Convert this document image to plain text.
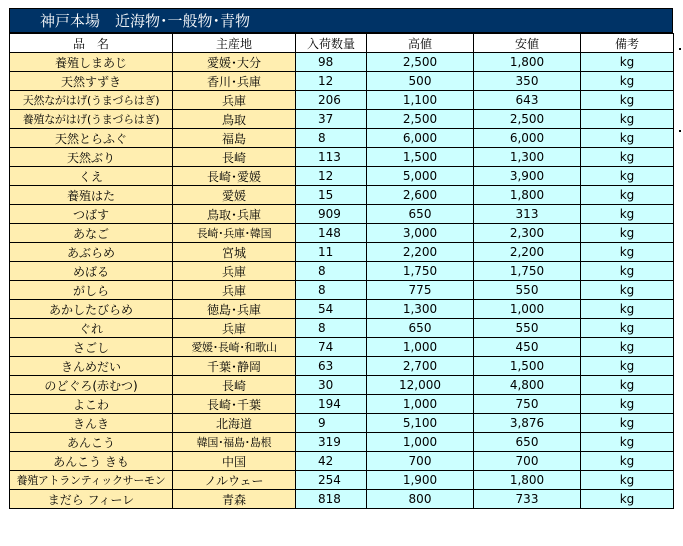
神戸本場　近海物･一般物･青物
品　名	主産地	入荷数量	高値	安値	備考
養殖しまあじ	愛媛･大分	98	2,500	1,800	kg
天然すずき	香川･兵庫	12	500	350	kg
天然ながはげ(うまづらはぎ)	兵庫	206	1,100	643	kg
養殖ながはげ(うまづらはぎ)	鳥取	37	2,500	2,500	kg
天然とらふぐ	福島	8	6,000	6,000	kg
天然ぶり	長崎	113	1,500	1,300	kg
くえ	長崎･愛媛	12	5,000	3,900	kg
養殖はた	愛媛	15	2,600	1,800	kg
つばす	鳥取･兵庫	909	650	313	kg
あなご	長崎･兵庫･韓国	148	3,000	2,300	kg
あぶらめ	宮城	11	2,200	2,200	kg
めばる	兵庫	8	1,750	1,750	kg
がしら	兵庫	8	775	550	kg
あかしたびらめ	徳島･兵庫	54	1,300	1,000	kg
ぐれ	兵庫	8	650	550	kg
さごし	愛媛･長崎･和歌山	74	1,000	450	kg
きんめだい	千葉･静岡	63	2,700	1,500	kg
のどぐろ(赤むつ)	長崎	30	12,000	4,800	kg
よこわ	長崎･千葉	194	1,000	750	kg
きんき	北海道	9	5,100	3,876	kg
あんこう	韓国･福島･島根	319	1,000	650	kg
あんこう きも	中国	42	700	700	kg
養殖アトランティックサーモン	ノルウェー	254	1,900	1,800	kg
まだら フィーレ	青森	818	800	733	kg
